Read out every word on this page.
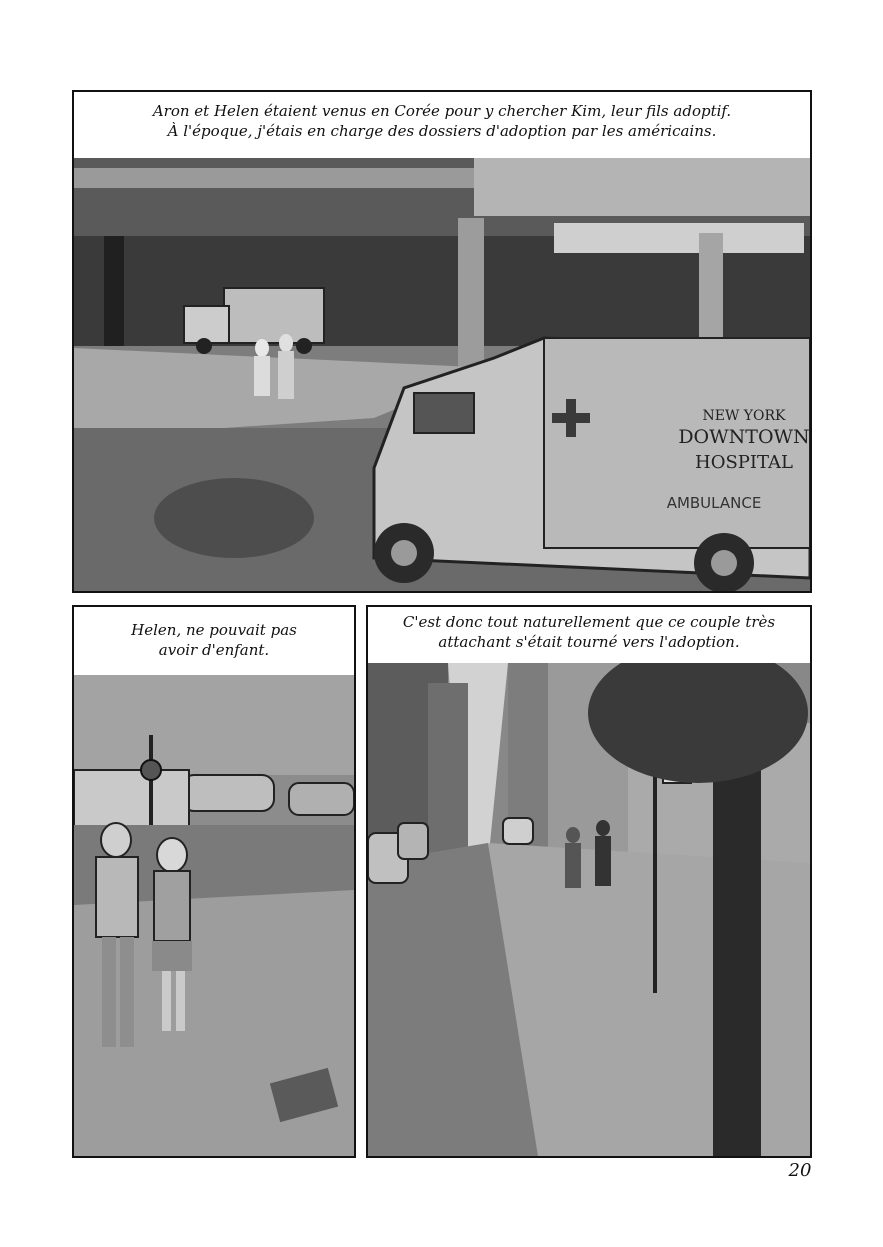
Aron et Helen étaient venus en Corée pour y chercher Kim, leur fils adoptif.
À l'époque, j'étais en charge des dossiers d'adoption par les américains.
NEW YORK
DOWNTOWN
HOSPITAL
AMBULANCE
Helen, ne pouvait pas
avoir d'enfant.
C'est donc tout naturellement que ce couple très
attachant s'était tourné vers l'adoption.
20
